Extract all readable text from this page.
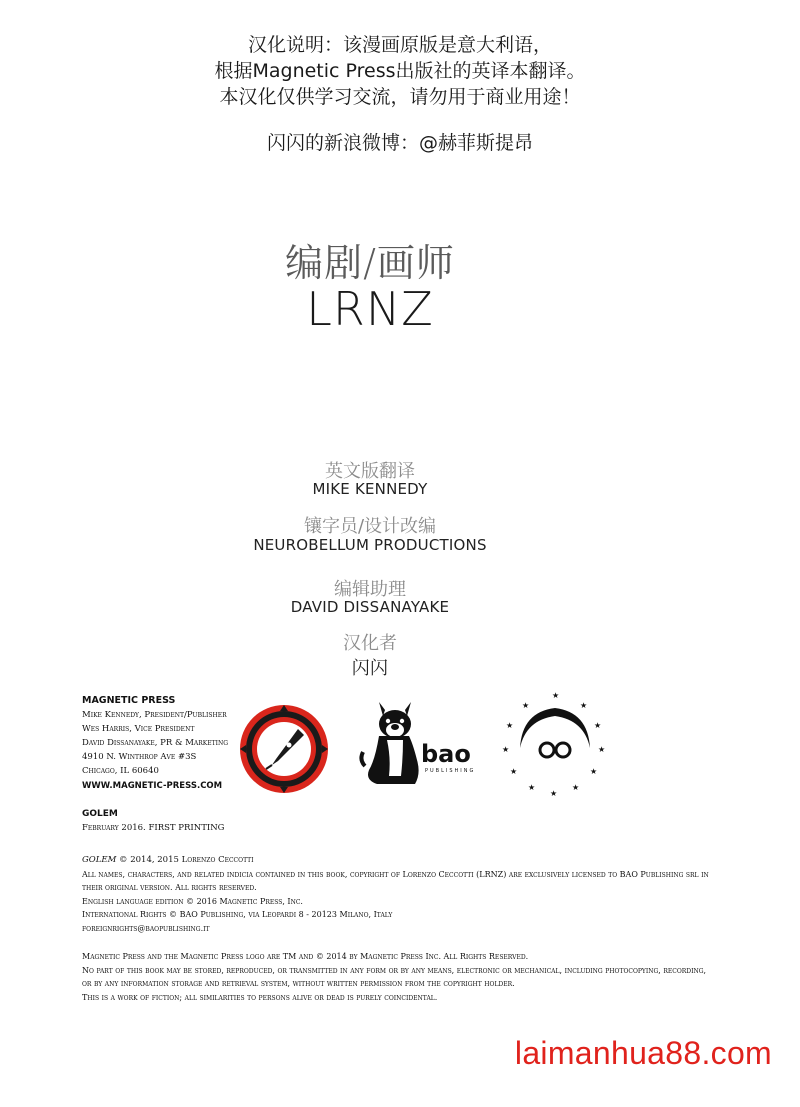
汉化说明：该漫画原版是意大利语，
根据Magnetic Press出版社的英译本翻译。
本汉化仅供学习交流，请勿用于商业用途！
闪闪的新浪微博：@赫菲斯提昂
编剧/画师
LRNZ
英文版翻译
MIKE KENNEDY
镶字员/设计改编
NEUROBELLUM PRODUCTIONS
编辑助理
DAVID DISSANAYAKE
汉化者
闪闪
MAGNETIC PRESS
Mike Kennedy, President/Publisher
Wes Harris, Vice President
David Dissanayake, PR & Marketing
4910 N. Winthrop Ave #3S
Chicago, IL 60640
WWW.MAGNETIC-PRESS.COM
GOLEM
February 2016. FIRST PRINTING
GOLEM © 2014, 2015 Lorenzo Ceccotti
All names, characters, and related indicia contained in this book, copyright of Lorenzo Ceccotti (LRNZ) are exclusively licensed to BAO Publishing srl in
their original version. All rights reserved.
English language edition © 2016 Magnetic Press, Inc.
International Rights © BAO Publishing, via Leopardi 8 - 20123 Milano, Italy
foreignrights@baopublishing.it
Magnetic Press and the Magnetic Press logo are TM and © 2014 by Magnetic Press Inc. All Rights Reserved.
No part of this book may be stored, reproduced, or transmitted in any form or by any means, electronic or mechanical, including photocopying, recording,
or by any information storage and retrieval system, without written permission from the copyright holder.
This is a work of fiction; all similarities to persons alive or dead is purely coincidental.
bao
PUBLISHING
★
★
★
★
★
★
★
★
★
★
★
★
laimanhua88.com
